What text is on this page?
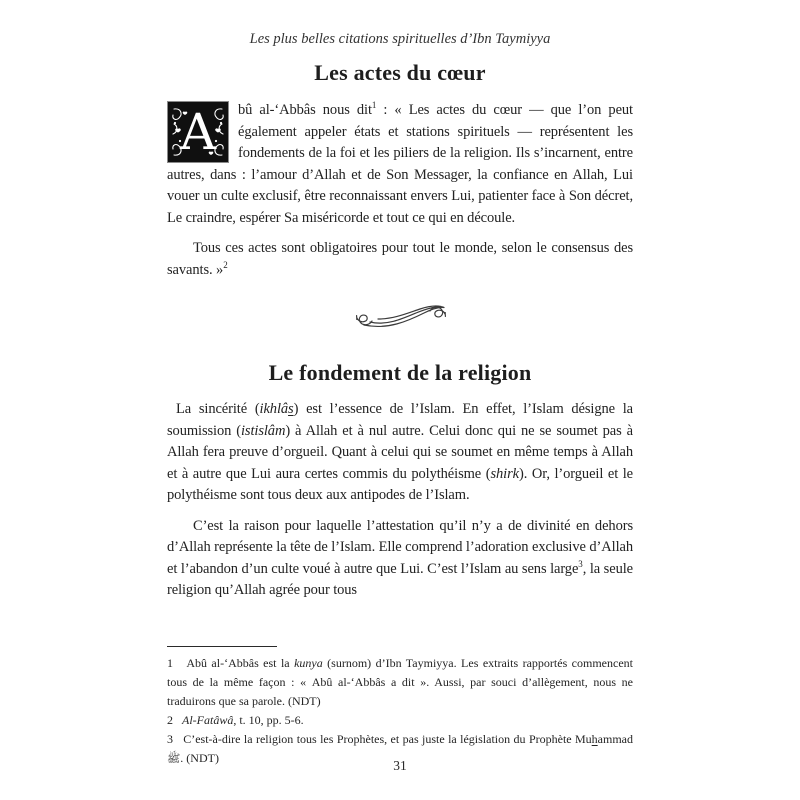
Les plus belles citations spirituelles d’Ibn Taymiyya
Les actes du cœur

A bû al-‘Abbâs nous dit$^1$ : « Les actes du cœur — que l’on peut également appeler états et stations spirituels — représentent les fondements de la foi et les piliers de la religion. Ils s’incarnent, entre autres, dans : l’amour d’Allah et de Son Messager, la confiance en Allah, Lui vouer un culte exclusif, être reconnaissant envers Lui, patienter face à Son décret, Le craindre, espérer Sa miséricorde et tout ce qui en découle.

Tous ces actes sont obligatoires pour tout le monde, selon le consensus des savants. »$^2$

Le fondement de la religion

La sincérité (ikhlâs) est l’essence de l’Islam. En effet, l’Islam désigne la soumission (istislâm) à Allah et à nul autre. Celui donc qui ne se soumet pas à Allah fera preuve d’orgueil. Quant à celui qui se soumet en même temps à Allah et à autre que Lui aura certes commis du polythéisme (shirk). Or, l’orgueil et le polythéisme sont tous deux aux antipodes de l’Islam.

C’est la raison pour laquelle l’attestation qu’il n’y a de divinité en dehors d’Allah représente la tête de l’Islam. Elle comprend l’adoration exclusive d’Allah et l’abandon d’un culte voué à autre que Lui. C’est l’Islam au sens large$^3$, la seule religion qu’Allah agrée pour tous

1   Abû al-‘Abbâs est la kunya (surnom) d’Ibn Taymiyya. Les extraits rapportés commencent tous de la même façon : « Abû al-‘Abbâs a dit ». Aussi, par souci d’allègement, nous ne traduirons que sa parole. (NDT)

2   Al-Fatâwâ, t. 10, pp. 5-6.

3   C’est-à-dire la religion tous les Prophètes, et pas juste la législation du Prophète Muhammad ﷺ. (NDT)	31
